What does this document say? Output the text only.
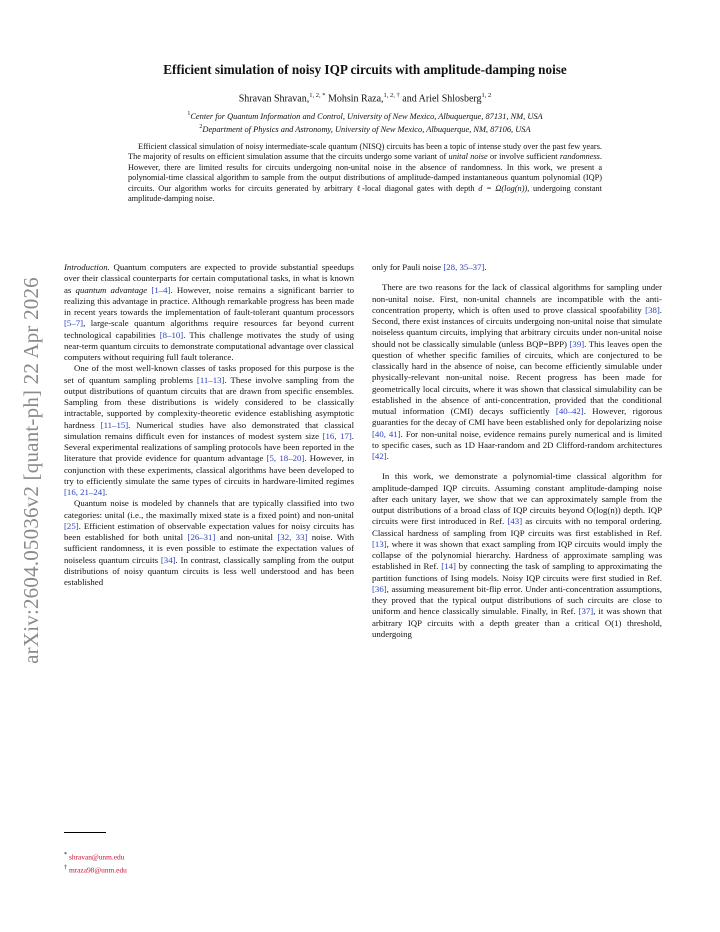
arXiv:2604.05036v2 [quant-ph] 22 Apr 2026
Efficient simulation of noisy IQP circuits with amplitude-damping noise
Shravan Shravan,$^{1, 2, *}$ Mohsin Raza,$^{1, 2, \dagger}$ and Ariel Shlosberg$^{1, 2}$
$^1$Center for Quantum Information and Control, University of New Mexico, Albuquerque, 87131, NM, USA
$^2$Department of Physics and Astronomy, University of New Mexico, Albuquerque, NM, 87106, USA
Efficient classical simulation of noisy intermediate-scale quantum (NISQ) circuits has been a topic of intense study over the past few years. The majority of results on efficient simulation assume that the circuits undergo some variant of unital noise or involve sufficient randomness. However, there are limited results for circuits undergoing non-unital noise in the absence of randomness. In this work, we present a polynomial-time classical algorithm to sample from the output distributions of amplitude-damped instantaneous quantum polynomial (IQP) circuits. Our algorithm works for circuits generated by arbitrary ℓ-local diagonal gates with depth d = Ω(log(n)), undergoing constant amplitude-damping noise.

Introduction. Quantum computers are expected to provide substantial speedups over their classical counterparts for certain computational tasks, in what is known as quantum advantage [1–4]. However, noise remains a significant barrier to realizing this advantage in practice. Although remarkable progress has been made in recent years towards the implementation of fault-tolerant quantum processors [5–7], large-scale quantum algorithms require resources far beyond current technological capabilities [8–10]. This challenge motivates the study of using near-term quantum circuits to demonstrate computational advantage over classical computers without requiring full fault tolerance.

One of the most well-known classes of tasks proposed for this purpose is the set of quantum sampling problems [11–13]. These involve sampling from the output distributions of quantum circuits that are drawn from specific ensembles. Sampling from these distributions is widely considered to be classically intractable, supported by complexity-theoretic evidence establishing asymptotic hardness [11–15]. Numerical studies have also demonstrated that classical simulation remains difficult even for instances of modest system size [16, 17]. Several experimental realizations of sampling protocols have been reported in the literature that provide evidence for quantum advantage [5, 18–20]. However, in conjunction with these experiments, classical algorithms have been developed to try to efficiently simulate the same types of circuits in hardware-limited regimes [16, 21–24].

Quantum noise is modeled by channels that are typically classified into two categories: unital (i.e., the maximally mixed state is a fixed point) and non-unital [25]. Efficient estimation of observable expectation values for noisy circuits has been established for both unital [26–31] and non-unital [32, 33] noise. With sufficient randomness, it is even possible to estimate the expectation values of noiseless quantum circuits [34]. In contrast, classically sampling from the output distributions of noisy quantum circuits is less well understood and has been established

only for Pauli noise [28, 35–37].

There are two reasons for the lack of classical algorithms for sampling under non-unital noise. First, non-unital channels are incompatible with the anti-concentration property, which is often used to prove classical spoofability [38]. Second, there exist instances of circuits undergoing non-unital noise that simulate noiseless quantum circuits, implying that arbitrary circuits under non-unital noise should not be classically simulable (unless BQP=BPP) [39]. This leaves open the question of whether specific families of circuits, which are conjectured to be classically hard in the absence of noise, can become efficiently simulable under physically-relevant non-unital noise. Recent progress has been made for geometrically local circuits, where it was shown that classical simulability can be established in the absence of anti-concentration, provided that the conditional mutual information (CMI) decays sufficiently [40–42]. However, rigorous guaranties for the decay of CMI have been established only for depolarizing noise [40, 41]. For non-unital noise, evidence remains purely numerical and is limited to specific cases, such as 1D Haar-random and 2D Clifford-random architectures [42].

In this work, we demonstrate a polynomial-time classical algorithm for amplitude-damped IQP circuits. Assuming constant amplitude-damping noise after each unitary layer, we show that we can approximately sample from the output distributions of a broad class of IQP circuits beyond O(log(n)) depth. IQP circuits were first introduced in Ref. [43] as circuits with no temporal ordering. Classical hardness of sampling from IQP circuits was first established in Ref. [13], where it was shown that exact sampling from IQP circuits would imply the collapse of the polynomial hierarchy. Hardness of approximate sampling was established in Ref. [14] by connecting the task of sampling to approximating the partition functions of Ising models. Noisy IQP circuits were first studied in Ref. [36], assuming measurement bit-flip error. Under anti-concentration assumptions, they proved that the typical output distributions of such circuits are close to uniform and hence classically simulable. Finally, in Ref. [37], it was shown that arbitrary IQP circuits with a depth greater than a critical O(1) threshold, undergoing

* shravan@unm.edu
† mraza98@unm.edu
